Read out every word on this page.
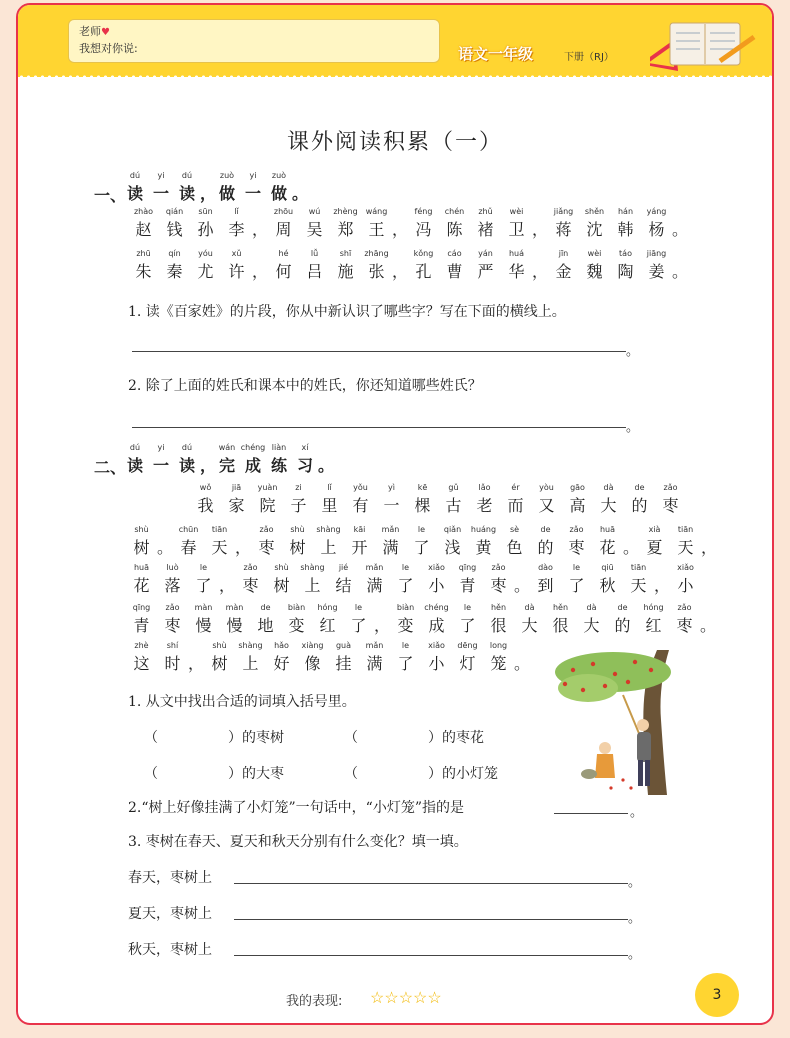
老师♥
我想对你说:	语文一年级	下册（RJ）
课外阅读积累（一）
一、
dú
读
yi
一
dú
读 ，
zuò
做
yi
一
zuò
做 。
zhào
赵
qián
钱
sūn
孙
lǐ
李 ，
zhōu
周
wú
吴
zhèng
郑
wáng
王 ，
féng
冯
chén
陈
zhǔ
褚
wèi
卫 ，
jiǎng
蒋
shěn
沈
hán
韩
yáng
杨 。
zhū
朱
qín
秦
yóu
尤
xǔ
许 ，
hé
何
lǚ
吕
shī
施
zhāng
张 ，
kǒng
孔
cáo
曹
yán
严
huá
华 ，
jīn
金
wèi
魏
táo
陶
jiāng
姜 。
1. 读《百家姓》的片段，你从中新认识了哪些字？写在下面的横线上。
。
2. 除了上面的姓氏和课本中的姓氏，你还知道哪些姓氏？
。
二、
dú
读
yi
一
dú
读 ，
wán
完
chéng
成
liàn
练
xí
习 。
wǒ
我
jiā
家
yuàn
院
zi
子
lǐ
里
yǒu
有
yì
一
kē
棵
gǔ
古
lǎo
老
ér
而
yòu
又
gāo
高
dà
大
de
的
zǎo
枣
shù
树 。
chūn
春
tiān
天 ，
zǎo
枣
shù
树
shàng
上
kāi
开
mǎn
满
le
了
qiǎn
浅
huáng
黄
sè
色
de
的
zǎo
枣
huā
花 。
xià
夏
tiān
天 ，
huā
花
luò
落
le
了 ，
zǎo
枣
shù
树
shàng
上
jié
结
mǎn
满
le
了
xiǎo
小
qīng
青
zǎo
枣 。
dào
到
le
了
qiū
秋
tiān
天 ，
xiǎo
小
qīng
青
zǎo
枣
màn
慢
màn
慢
de
地
biàn
变
hóng
红
le
了 ，
biàn
变
chéng
成
le
了
hěn
很
dà
大
hěn
很
dà
大
de
的
hóng
红
zǎo
枣 。
zhè
这
shí
时 ，
shù
树
shàng
上
hǎo
好
xiàng
像
guà
挂
mǎn
满
le
了
xiǎo
小
dēng
灯
long
笼 。
1. 从文中找出合适的词填入括号里。
（　　　　　）的枣树	（　　　　　）的枣花
（　　　　　）的大枣	（　　　　　）的小灯笼
2.“树上好像挂满了小灯笼”一句话中，“小灯笼”指的是	。
3. 枣树在春天、夏天和秋天分别有什么变化？填一填。
春天，枣树上	。
夏天，枣树上	。
秋天，枣树上	。
我的表现: ☆☆☆☆☆	3
